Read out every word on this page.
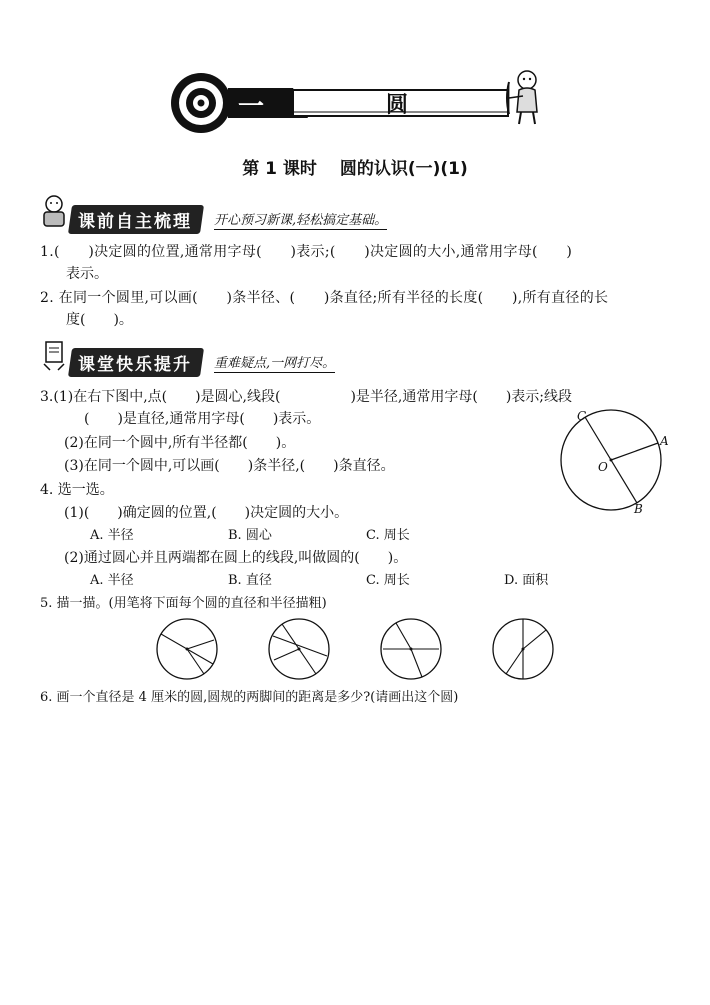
一	圆
第 1 课时　 圆的认识(一)(1)
课前自主梳理	开心预习新课,轻松搞定基础。
1.(　　)决定圆的位置,通常用字母(　　)表示;(　　)决定圆的大小,通常用字母(　　)
表示。
2. 在同一个圆里,可以画(　　)条半径、(　　)条直径;所有半径的长度(　　),所有直径的长
度(　　)。
课堂快乐提升	重难疑点,一网打尽。
3.(1)在右下图中,点(　　)是圆心,线段(　　　　　)是半径,通常用字母(　　)表示;线段
(　　)是直径,通常用字母(　　)表示。
(2)在同一个圆中,所有半径都(　　)。
(3)在同一个圆中,可以画(　　)条半径,(　　)条直径。
C
A
O
B
4. 选一选。
(1)(　　)确定圆的位置,(　　)决定圆的大小。
A. 半径	B. 圆心	C. 周长
(2)通过圆心并且两端都在圆上的线段,叫做圆的(　　)。
A. 半径	B. 直径	C. 周长	D. 面积
5. 描一描。(用笔将下面每个圆的直径和半径描粗)
6. 画一个直径是 4 厘米的圆,圆规的两脚间的距离是多少?(请画出这个圆)
